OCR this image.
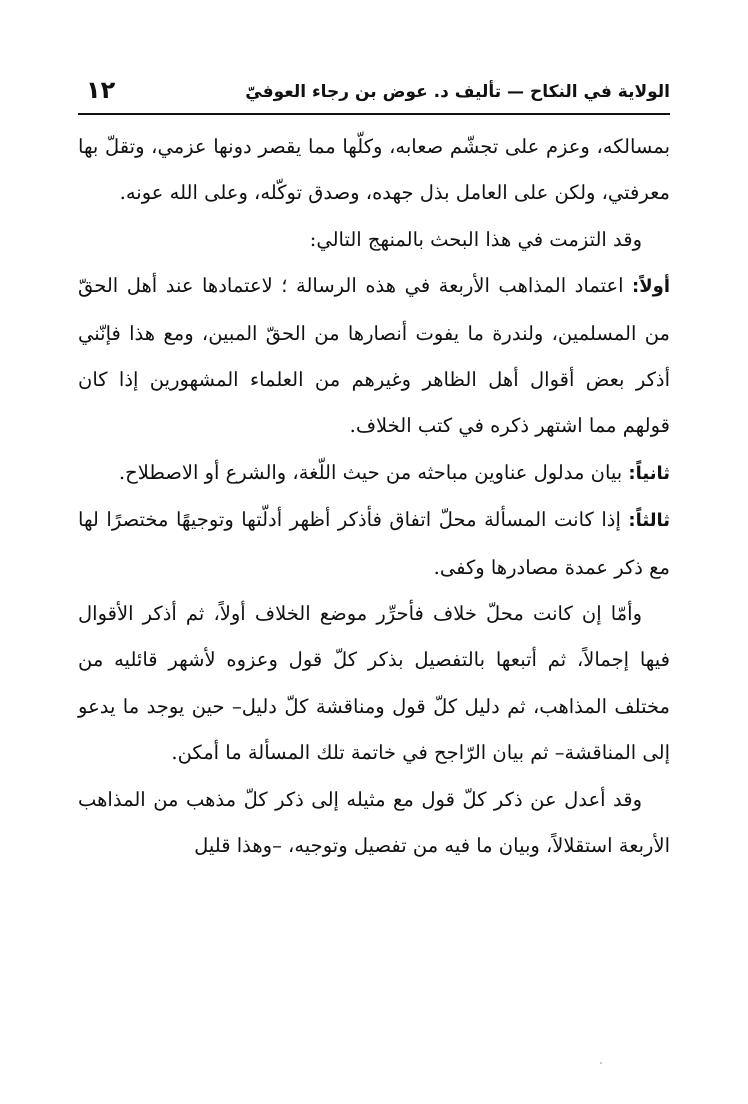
الولاية في النكاح — تأليف د. عوض بن رجاء العوفيّ
١٢

بمسالكه، وعزم على تجشّم صعابه، وكلّها مما يقصر دونها عزمي، وتقلّ بها معرفتي، ولكن على العامل بذل جهده، وصدق توكّله، وعلى الله عونه.

وقد التزمت في هذا البحث بالمنهج التالي:

أولاً: اعتماد المذاهب الأربعة في هذه الرسالة ؛ لاعتمادها عند أهل الحقّ من المسلمين، ولندرة ما يفوت أنصارها من الحقّ المبين، ومع هذا فإنّني أذكر بعض أقوال أهل الظاهر وغيرهم من العلماء المشهورين إذا كان قولهم مما اشتهر ذكره في كتب الخلاف.

ثانياً: بيان مدلول عناوين مباحثه من حيث اللّغة، والشرع أو الاصطلاح.

ثالثاً: إذا كانت المسألة محلّ اتفاق فأذكر أظهر أدلّتها وتوجيهًا مختصرًا لها مع ذكر عمدة مصادرها وكفى.

وأمّا إن كانت محلّ خلاف فأحرِّر موضع الخلاف أولاً، ثم أذكر الأقوال فيها إجمالاً، ثم أتبعها بالتفصيل بذكر كلّ قول وعزوه لأشهر قائليه من مختلف المذاهب، ثم دليل كلّ قول ومناقشة كلّ دليل– حين يوجد ما يدعو إلى المناقشة– ثم بيان الرّاجح في خاتمة تلك المسألة ما أمكن.

وقد أعدل عن ذكر كلّ قول مع مثيله إلى ذكر كلّ مذهب من المذاهب الأربعة استقلالاً، وبيان ما فيه من تفصيل وتوجيه، –وهذا قليل
